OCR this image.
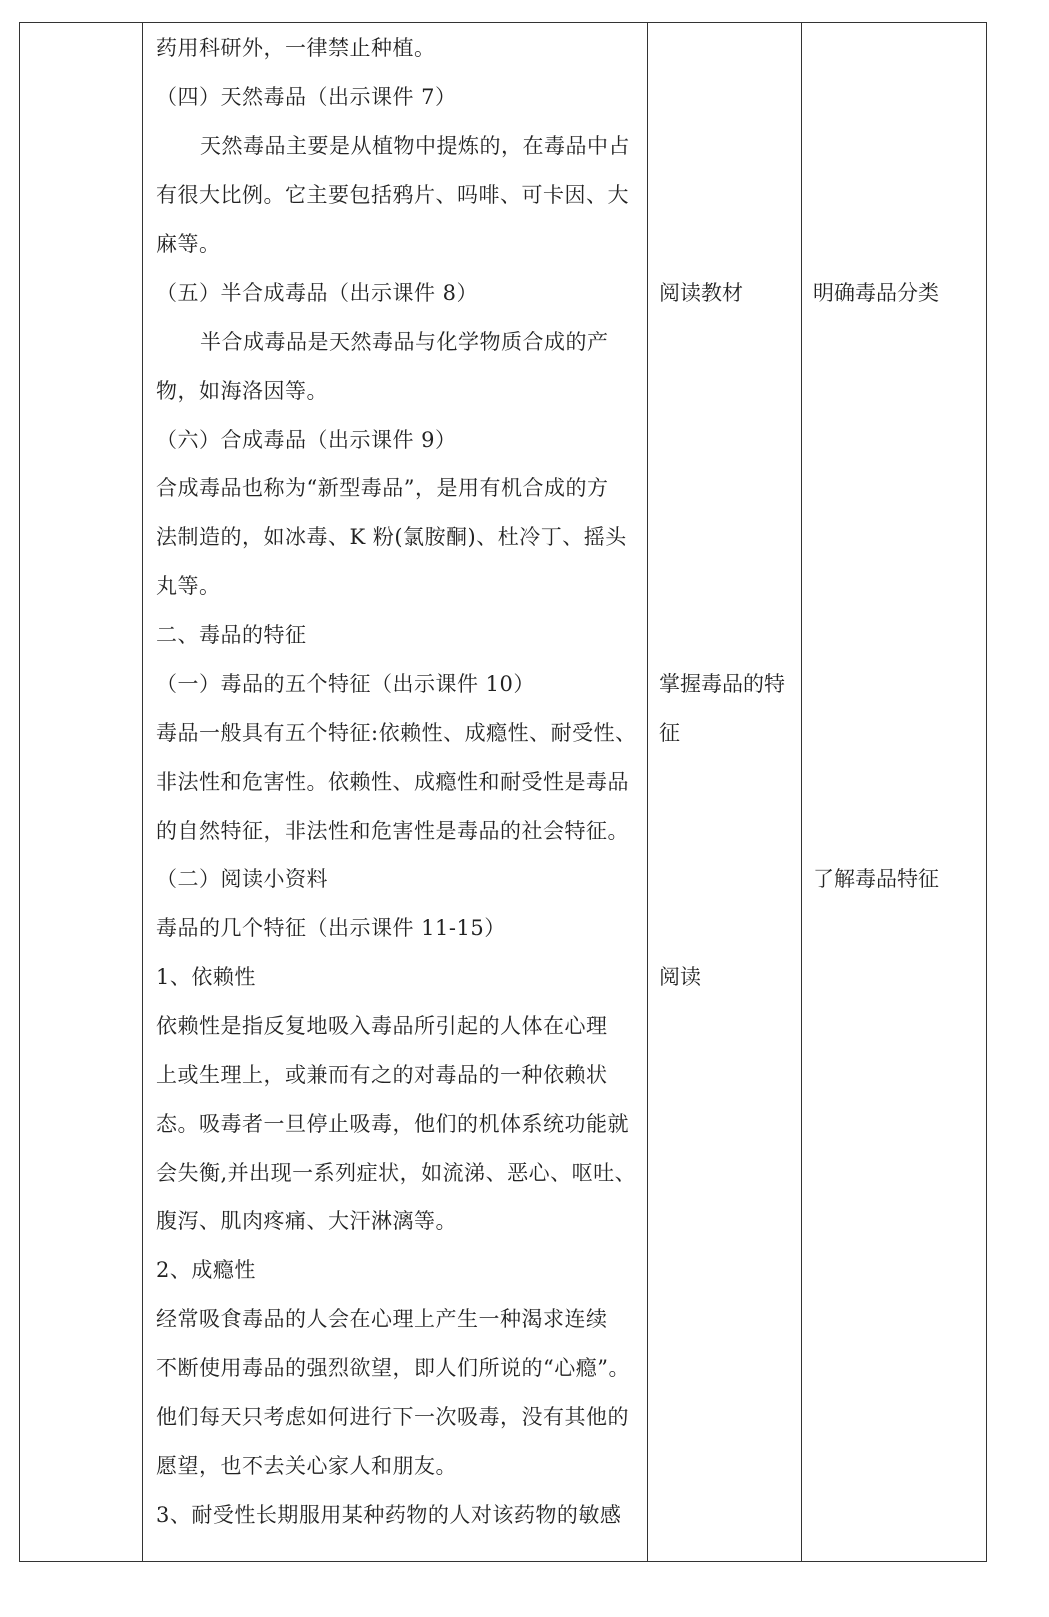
药用科研外，一律禁止种植。
（四）天然毒品（出示课件 7）
天然毒品主要是从植物中提炼的，在毒品中占
有很大比例。它主要包括鸦片、吗啡、可卡因、大
麻等。
（五）半合成毒品（出示课件 8）
半合成毒品是天然毒品与化学物质合成的产
物，如海洛因等。
（六）合成毒品（出示课件 9）
合成毒品也称为“新型毒品”，是用有机合成的方
法制造的，如冰毒、K 粉(氯胺酮)、杜冷丁、摇头
丸等。
二、毒品的特征
（一）毒品的五个特征（出示课件 10）
毒品一般具有五个特征:依赖性、成瘾性、耐受性、
非法性和危害性。依赖性、成瘾性和耐受性是毒品
的自然特征，非法性和危害性是毒品的社会特征。
（二）阅读小资料
毒品的几个特征（出示课件 11-15）
1、依赖性
依赖性是指反复地吸入毒品所引起的人体在心理
上或生理上，或兼而有之的对毒品的一种依赖状
态。吸毒者一旦停止吸毒，他们的机体系统功能就
会失衡,并出现一系列症状，如流涕、恶心、呕吐、
腹泻、肌肉疼痛、大汗淋漓等。
2、成瘾性
经常吸食毒品的人会在心理上产生一种渴求连续
不断使用毒品的强烈欲望，即人们所说的“心瘾”。
他们每天只考虑如何进行下一次吸毒，没有其他的
愿望，也不去关心家人和朋友。
3、耐受性长期服用某种药物的人对该药物的敏感
阅读教材
掌握毒品的特
征
阅读
明确毒品分类
了解毒品特征
